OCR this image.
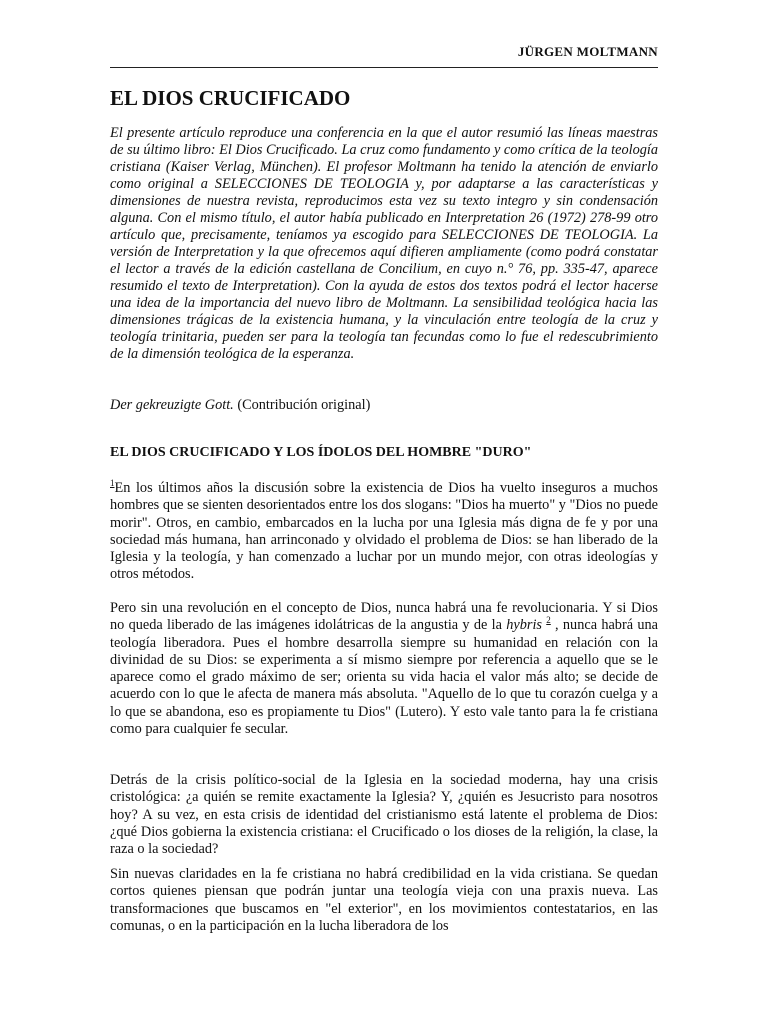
JÜRGEN MOLTMANN
EL DIOS CRUCIFICADO

El presente artículo reproduce una conferencia en la que el autor resumió las líneas maestras de su último libro: El Dios Crucificado. La cruz como fundamento y como crítica de la teología cristiana (Kaiser Verlag, München). El profesor Moltmann ha tenido la atención de enviarlo como original a SELECCIONES DE TEOLOGIA y, por adaptarse a las características y dimensiones de nuestra revista, reproducimos esta vez su texto integro y sin condensación alguna. Con el mismo título, el autor había publicado en Interpretation 26 (1972) 278-99 otro artículo que, precisamente, teníamos ya escogido para SELECCIONES DE TEOLOGIA. La versión de Interpretation y la que ofrecemos aquí difieren ampliamente (como podrá constatar el lector a través de la edición castellana de Concilium, en cuyo n.° 76, pp. 335-47, aparece resumido el texto de Interpretation). Con la ayuda de estos dos textos podrá el lector hacerse una idea de la importancia del nuevo libro de Moltmann. La sensibilidad teológica hacia las dimensiones trágicas de la existencia humana, y la vinculación entre teología de la cruz y teología trinitaria, pueden ser para la teología tan fecundas como lo fue el redescubrimiento de la dimensión teológica de la esperanza.

Der gekreuzigte Gott. (Contribución original)

EL DIOS CRUCIFICADO Y LOS ÍDOLOS DEL HOMBRE "DURO"

$^1$En los últimos años la discusión sobre la existencia de Dios ha vuelto inseguros a muchos hombres que se sienten desorientados entre los dos slogans: "Dios ha muerto" y "Dios no puede morir". Otros, en cambio, embarcados en la lucha por una Iglesia más digna de fe y por una sociedad más humana, han arrinconado y olvidado el problema de Dios: se han liberado de la Iglesia y la teología, y han comenzado a luchar por un mundo mejor, con otras ideologías y otros métodos.

Pero sin una revolución en el concepto de Dios, nunca habrá una fe revolucionaria. Y si Dios no queda liberado de las imágenes idolátricas de la angustia y de la hybris $^2$ , nunca habrá una teología liberadora. Pues el hombre desarrolla siempre su humanidad en relación con la divinidad de su Dios: se experimenta a sí mismo siempre por referencia a aquello que se le aparece como el grado máximo de ser; orienta su vida hacia el valor más alto; se decide de acuerdo con lo que le afecta de manera más absoluta. "Aquello de lo que tu corazón cuelga y a lo que se abandona, eso es propiamente tu Dios" (Lutero). Y esto vale tanto para la fe cristiana como para cualquier fe secular.

Detrás de la crisis político-social de la Iglesia en la sociedad moderna, hay una crisis cristológica: ¿a quién se remite exactamente la Iglesia? Y, ¿quién es Jesucristo para nosotros hoy? A su vez, en esta crisis de identidad del cristianismo está latente el problema de Dios: ¿qué Dios gobierna la existencia cristiana: el Crucificado o los dioses de la religión, la clase, la raza o la sociedad?

Sin nuevas claridades en la fe cristiana no habrá credibilidad en la vida cristiana. Se quedan cortos quienes piensan que podrán juntar una teología vieja con una praxis nueva. Las transformaciones que buscamos en "el exterior", en los movimientos contestatarios, en las comunas, o en la participación en la lucha liberadora de los
